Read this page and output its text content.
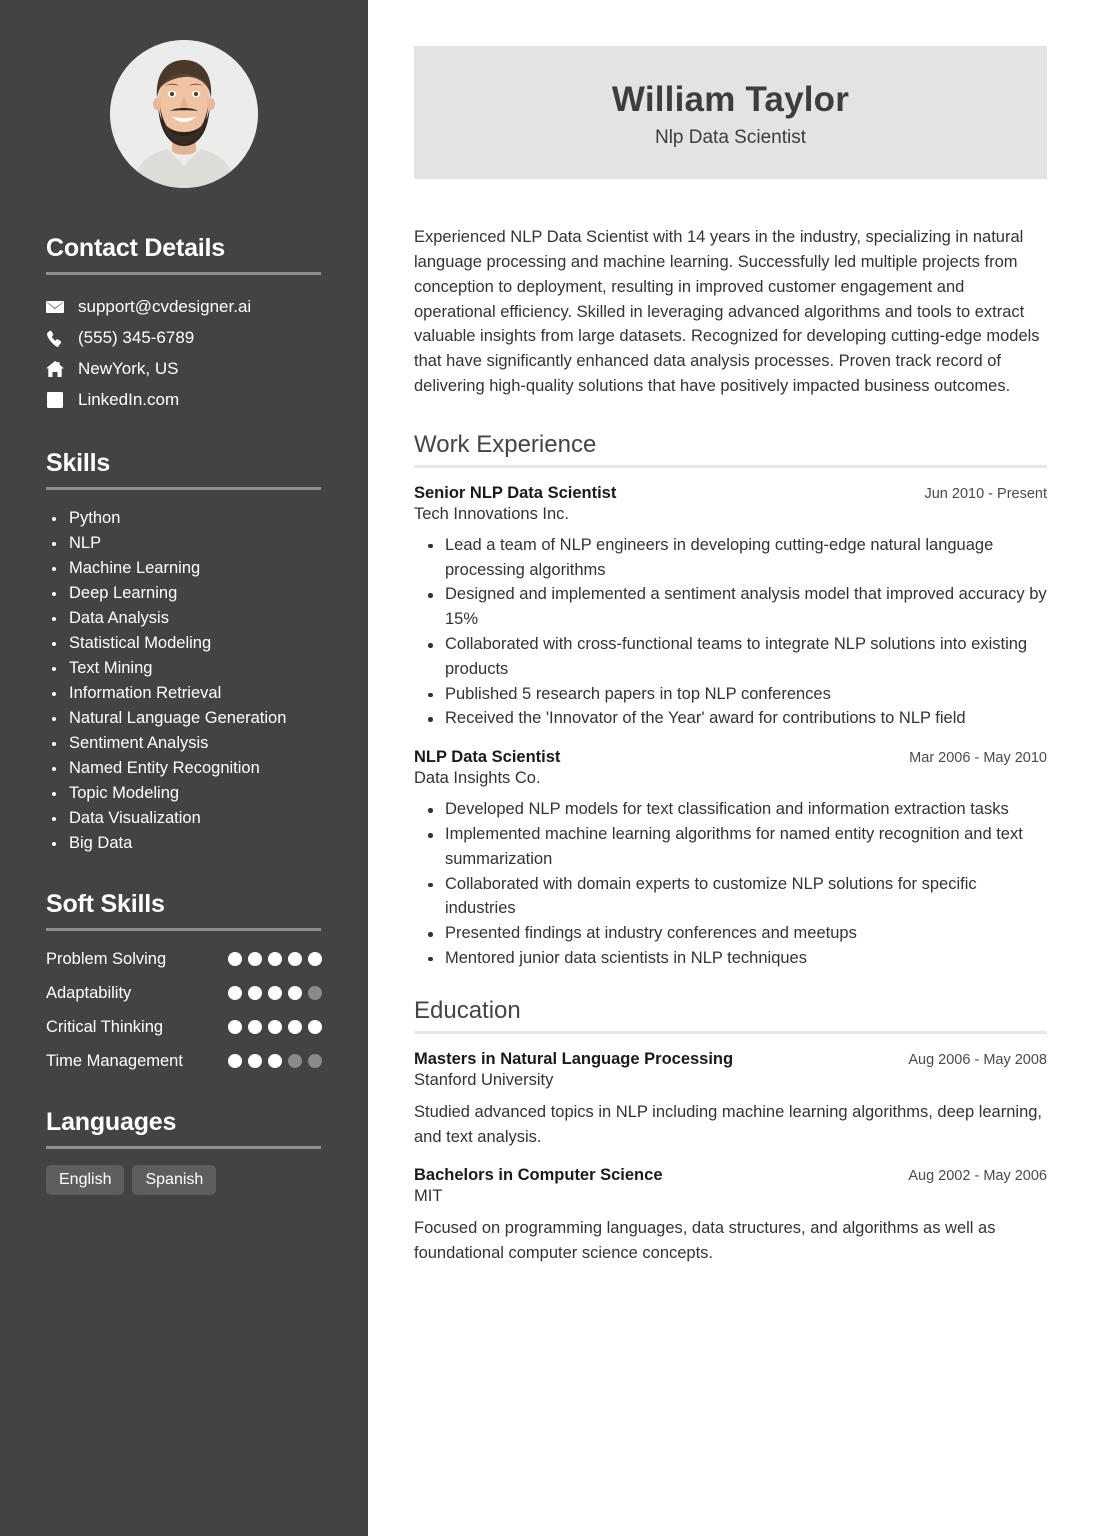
Contact Details
support@cvdesigner.ai
(555) 345-6789
NewYork, US
LinkedIn.com
Skills
Python
NLP
Machine Learning
Deep Learning
Data Analysis
Statistical Modeling
Text Mining
Information Retrieval
Natural Language Generation
Sentiment Analysis
Named Entity Recognition
Topic Modeling
Data Visualization
Big Data
Soft Skills
Problem Solving
Adaptability
Critical Thinking
Time Management
Languages
English	Spanish
William Taylor
Nlp Data Scientist

Experienced NLP Data Scientist with 14 years in the industry, specializing in natural language processing and machine learning. Successfully led multiple projects from conception to deployment, resulting in improved customer engagement and operational efficiency. Skilled in leveraging advanced algorithms and tools to extract valuable insights from large datasets. Recognized for developing cutting-edge models that have significantly enhanced data analysis processes. Proven track record of delivering high-quality solutions that have positively impacted business outcomes.

Work Experience
Senior NLP Data Scientist	Jun 2010 - Present
Tech Innovations Inc.
Lead a team of NLP engineers in developing cutting-edge natural language processing algorithms
Designed and implemented a sentiment analysis model that improved accuracy by 15%
Collaborated with cross-functional teams to integrate NLP solutions into existing products
Published 5 research papers in top NLP conferences
Received the 'Innovator of the Year' award for contributions to NLP field
NLP Data Scientist	Mar 2006 - May 2010
Data Insights Co.
Developed NLP models for text classification and information extraction tasks
Implemented machine learning algorithms for named entity recognition and text summarization
Collaborated with domain experts to customize NLP solutions for specific industries
Presented findings at industry conferences and meetups
Mentored junior data scientists in NLP techniques
Education
Masters in Natural Language Processing	Aug 2006 - May 2008
Stanford University

Studied advanced topics in NLP including machine learning algorithms, deep learning, and text analysis.

Bachelors in Computer Science	Aug 2002 - May 2006
MIT

Focused on programming languages, data structures, and algorithms as well as foundational computer science concepts.
